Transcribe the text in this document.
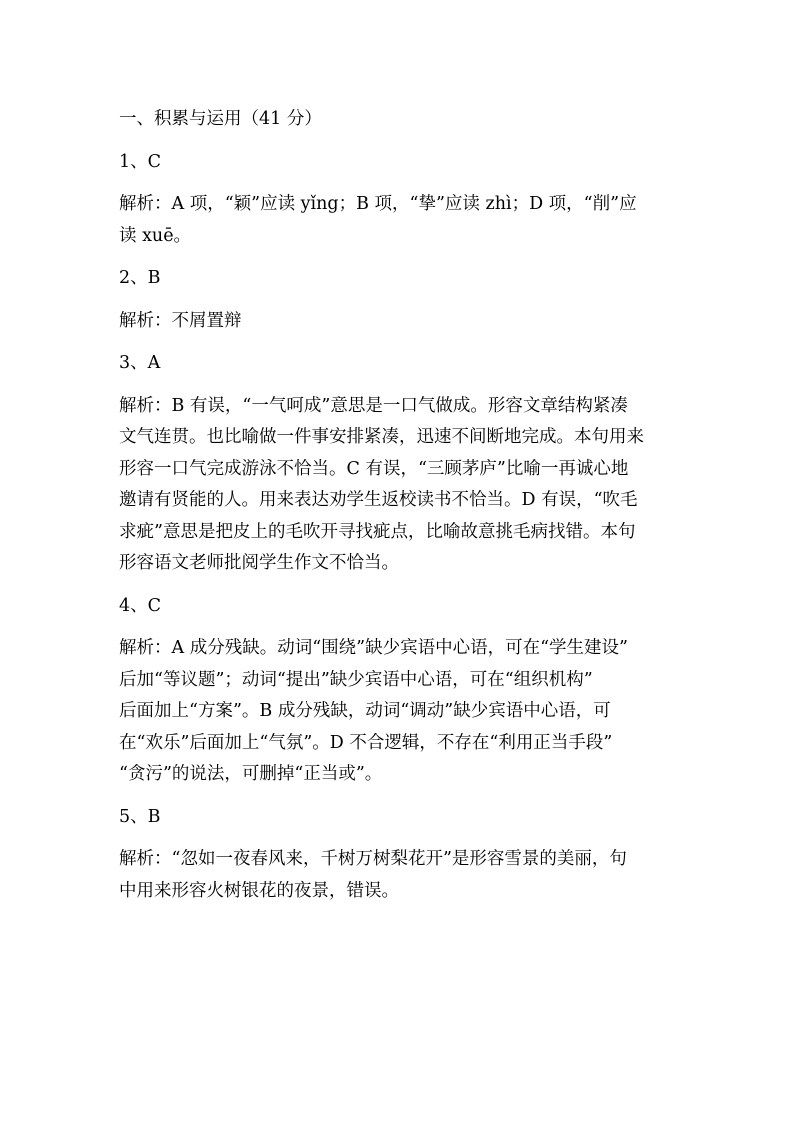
一、积累与运用（41 分）

1、C

解析：A 项，“颖”应读 yǐng；B 项，“挚”应读 zhì；D 项，“削”应

读 xuē。

2、B

解析：不屑置辩

3、A

解析：B 有误，“一气呵成”意思是一口气做成。形容文章结构紧凑

文气连贯。也比喻做一件事安排紧凑，迅速不间断地完成。本句用来

形容一口气完成游泳不恰当。C 有误，“三顾茅庐”比喻一再诚心地

邀请有贤能的人。用来表达劝学生返校读书不恰当。D 有误，“吹毛

求疵”意思是把皮上的毛吹开寻找疵点，比喻故意挑毛病找错。本句

形容语文老师批阅学生作文不恰当。

4、C

解析：A 成分残缺。动词“围绕”缺少宾语中心语，可在“学生建设”

后加“等议题”；动词“提出”缺少宾语中心语，可在“组织机构”

后面加上“方案”。B 成分残缺，动词“调动”缺少宾语中心语，可

在“欢乐”后面加上“气氛”。D 不合逻辑，不存在“利用正当手段”

“贪污”的说法，可删掉“正当或”。

5、B

解析：“忽如一夜春风来，千树万树梨花开”是形容雪景的美丽，句

中用来形容火树银花的夜景，错误。
